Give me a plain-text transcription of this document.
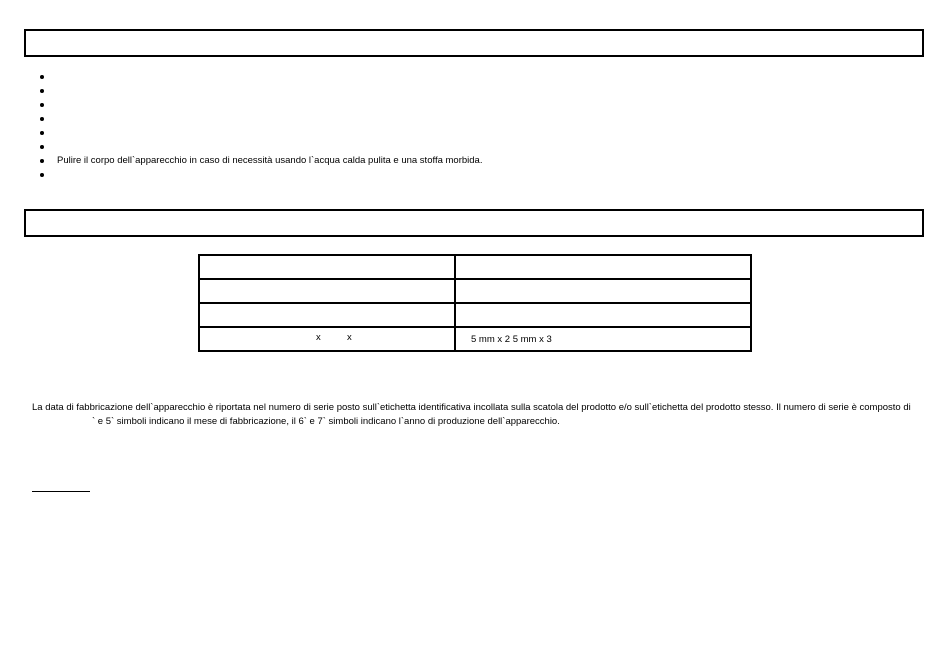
Pulire il corpo dell`apparecchio in caso di necessità usando l`acqua calda pulita e una stoffa morbida.

x x	5 mm x 2 5 mm x 3

La data di fabbricazione dell`apparecchio è riportata nel numero di serie posto sull`etichetta identificativa incollata sulla scatola del prodotto e/o sull`etichetta del prodotto stesso. Il numero di serie è composto di
` e 5` simboli indicano il mese di fabbricazione, il 6` e 7` simboli indicano l`anno di produzione dell`apparecchio.
